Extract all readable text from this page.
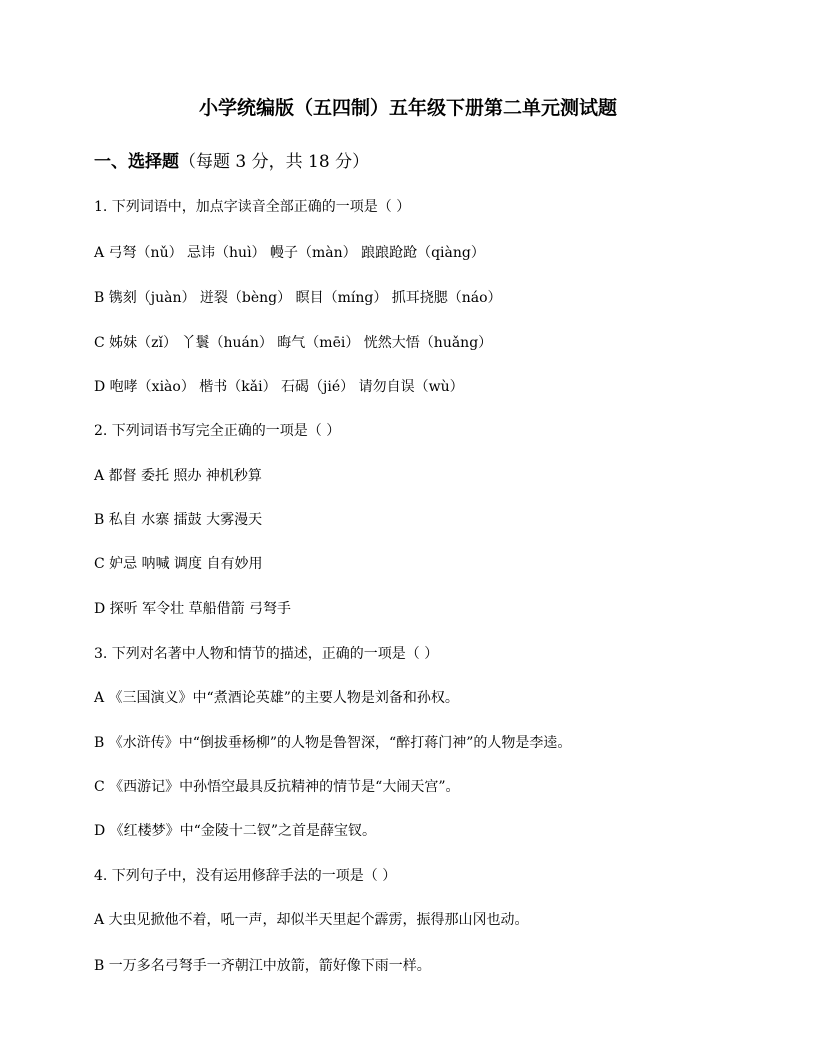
小学统编版（五四制）五年级下册第二单元测试题
一、选择题（每题 3 分，共 18 分）
1. 下列词语中，加点字读音全部正确的一项是（ ）
A 弓弩（nǔ） 忌讳（huì） 幔子（màn） 踉踉跄跄（qiàng）
B 镌刻（juàn） 迸裂（bèng） 瞑目（míng） 抓耳挠腮（náo）
C 姊妹（zǐ） 丫鬟（huán） 晦气（mēi） 恍然大悟（huǎng）
D 咆哮（xiào） 楷书（kǎi） 石碣（jié） 请勿自误（wù）
2. 下列词语书写完全正确的一项是（ ）
A 都督 委托 照办 神机秒算
B 私自 水寨 擂鼓 大雾漫天
C 妒忌 呐喊 调度 自有妙用
D 探听 军令壮 草船借箭 弓弩手
3. 下列对名著中人物和情节的描述，正确的一项是（ ）
A 《三国演义》中“煮酒论英雄”的主要人物是刘备和孙权。
B 《水浒传》中“倒拔垂杨柳”的人物是鲁智深，“醉打蒋门神”的人物是李逵。
C 《西游记》中孙悟空最具反抗精神的情节是“大闹天宫”。
D 《红楼梦》中“金陵十二钗”之首是薛宝钗。
4. 下列句子中，没有运用修辞手法的一项是（ ）
A 大虫见掀他不着，吼一声，却似半天里起个霹雳，振得那山冈也动。
B 一万多名弓弩手一齐朝江中放箭，箭好像下雨一样。
